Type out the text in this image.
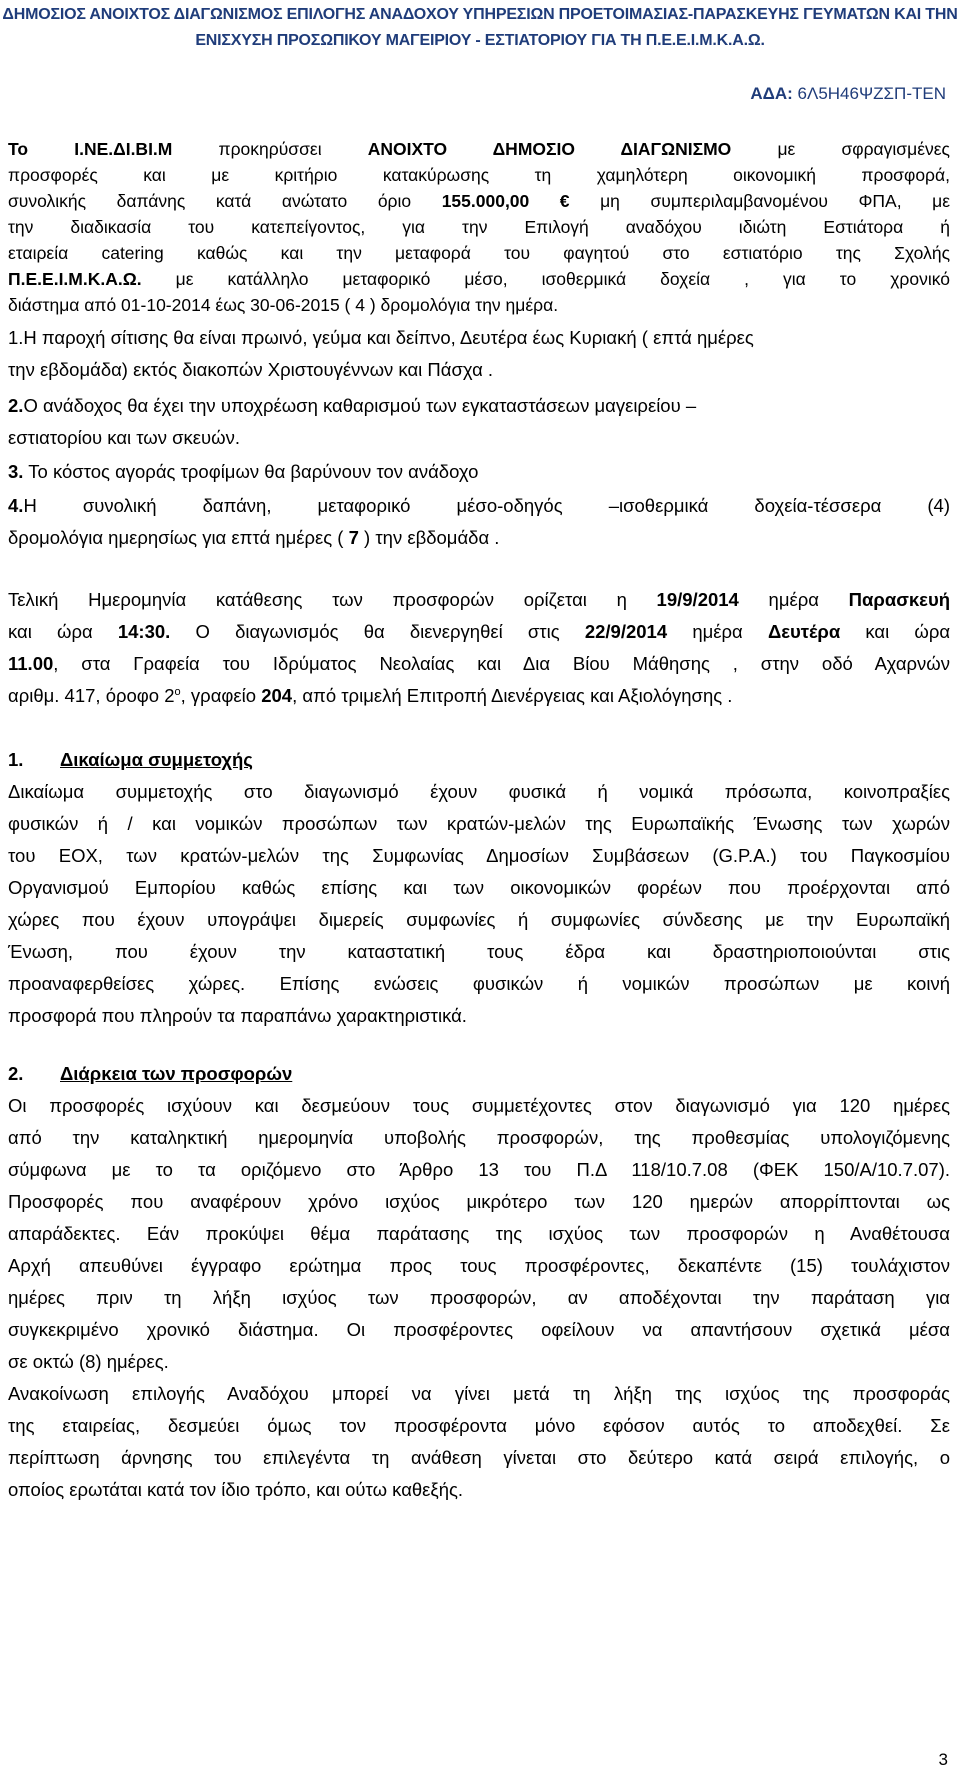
ΔΗΜΟΣΙΟΣ ΑΝΟΙΧΤΟΣ ΔΙΑΓΩΝΙΣΜΟΣ ΕΠΙΛΟΓΗΣ ΑΝΑΔΟΧΟΥ ΥΠΗΡΕΣΙΩΝ ΠΡΟΕΤΟΙΜΑΣΙΑΣ-ΠΑΡΑΣΚΕΥΗΣ ΓΕΥΜΑΤΩΝ ΚΑΙ ΤΗΝ
ΕΝΙΣΧΥΣΗ ΠΡΟΣΩΠΙΚΟΥ ΜΑΓΕΙΡΙΟΥ - ΕΣΤΙΑΤΟΡΙΟΥ ΓΙΑ ΤΗ Π.Ε.Ε.Ι.Μ.Κ.Α.Ω.
ΑΔΑ: 6Λ5Η46ΨΖΣΠ-ΤΕΝ
Το	Ι.ΝΕ.ΔΙ.ΒΙ.Μ	προκηρύσσει	ΑΝΟΙΧΤΟ ΔΗΜΟΣΙΟ ΔΙΑΓΩΝΙΣΜΟ	με σφραγισμένες
προσφορές και με κριτήριο κατακύρωσης τη χαμηλότερη οικονομική προσφορά,
συνολικής δαπάνης κατά ανώτατο όριο 155.000,00 € μη συμπεριλαμβανομένου ΦΠΑ, με
την διαδικασία του κατεπείγοντος, για την Επιλογή αναδόχου ιδιώτη Εστιάτορα ή
εταιρεία catering καθώς και την μεταφορά του φαγητού στο εστιατόριο της Σχολής
Π.Ε.Ε.Ι.Μ.Κ.Α.Ω. με κατάλληλο μεταφορικό μέσο, ισοθερμικά δοχεία , για το χρονικό
διάστημα από 01-10-2014 έως 30-06-2015 ( 4 ) δρομολόγια την ημέρα.
1.Η παροχή σίτισης θα είναι πρωινό, γεύμα και δείπνο, Δευτέρα έως Κυριακή ( επτά ημέρες
την εβδομάδα) εκτός διακοπών Χριστουγέννων και Πάσχα .
2.Ο ανάδοχος θα έχει την υποχρέωση καθαρισμού των εγκαταστάσεων μαγειρείου –
εστιατορίου και των σκευών.
3. Το κόστος αγοράς τροφίμων θα βαρύνουν τον ανάδοχο
4.Η συνολική δαπάνη, μεταφορικό μέσο-οδηγός –ισοθερμικά δοχεία-τέσσερα (4)
δρομολόγια ημερησίως για επτά ημέρες ( 7 ) την εβδομάδα .
Τελική Ημερομηνία κατάθεσης των προσφορών ορίζεται η 19/9/2014 ημέρα Παρασκευή
και ώρα 14:30. Ο διαγωνισμός θα διενεργηθεί στις 22/9/2014 ημέρα Δευτέρα και ώρα
11.00, στα Γραφεία του Ιδρύματος Νεολαίας και Δια Βίου Μάθησης , στην οδό Αχαρνών
αριθμ. 417, όροφο $2^o$, γραφείο 204, από τριμελή Επιτροπή Διενέργειας και Αξιολόγησης .
1. Δικαίωμα συμμετοχής
Δικαίωμα συμμετοχής στο διαγωνισμό έχουν φυσικά ή νομικά πρόσωπα, κοινοπραξίες
φυσικών ή / και νομικών προσώπων των κρατών-μελών της Ευρωπαϊκής Ένωσης των χωρών
του ΕΟΧ, των κρατών-μελών της Συμφωνίας Δημοσίων Συμβάσεων (G.P.A.) του Παγκοσμίου
Οργανισμού Εμπορίου καθώς επίσης και των οικονομικών φορέων που προέρχονται από
χώρες που έχουν υπογράψει διμερείς συμφωνίες ή συμφωνίες σύνδεσης με την Ευρωπαϊκή
Ένωση, που έχουν την καταστατική τους έδρα και δραστηριοποιούνται στις
προαναφερθείσες χώρες. Επίσης ενώσεις φυσικών ή νομικών προσώπων με κοινή
προσφορά που πληρούν τα παραπάνω χαρακτηριστικά.
2. Διάρκεια των προσφορών
Οι προσφορές ισχύουν και δεσμεύουν τους συμμετέχοντες στον διαγωνισμό για 120 ημέρες
από την καταληκτική ημερομηνία υποβολής προσφορών, της προθεσμίας υπολογιζόμενης
σύμφωνα με το τα οριζόμενο στο Άρθρο 13 του Π.Δ 118/10.7.08 (ΦΕΚ 150/Α/10.7.07).
Προσφορές που αναφέρουν χρόνο ισχύος μικρότερο των 120 ημερών απορρίπτονται ως
απαράδεκτες. Εάν προκύψει θέμα παράτασης της ισχύος των προσφορών η Αναθέτουσα
Αρχή απευθύνει έγγραφο ερώτημα προς τους προσφέροντες, δεκαπέντε (15) τουλάχιστον
ημέρες πριν τη λήξη ισχύος των προσφορών, αν αποδέχονται την παράταση για
συγκεκριμένο χρονικό διάστημα. Οι προσφέροντες οφείλουν να απαντήσουν σχετικά μέσα
σε οκτώ (8) ημέρες.
Ανακοίνωση επιλογής Αναδόχου μπορεί να γίνει μετά τη λήξη της ισχύος της προσφοράς
της εταιρείας, δεσμεύει όμως τον προσφέροντα μόνο εφόσον αυτός το αποδεχθεί. Σε
περίπτωση άρνησης του επιλεγέντα τη ανάθεση γίνεται στο δεύτερο κατά σειρά επιλογής, ο
οποίος ερωτάται κατά τον ίδιο τρόπο, και ούτω καθεξής.
3
